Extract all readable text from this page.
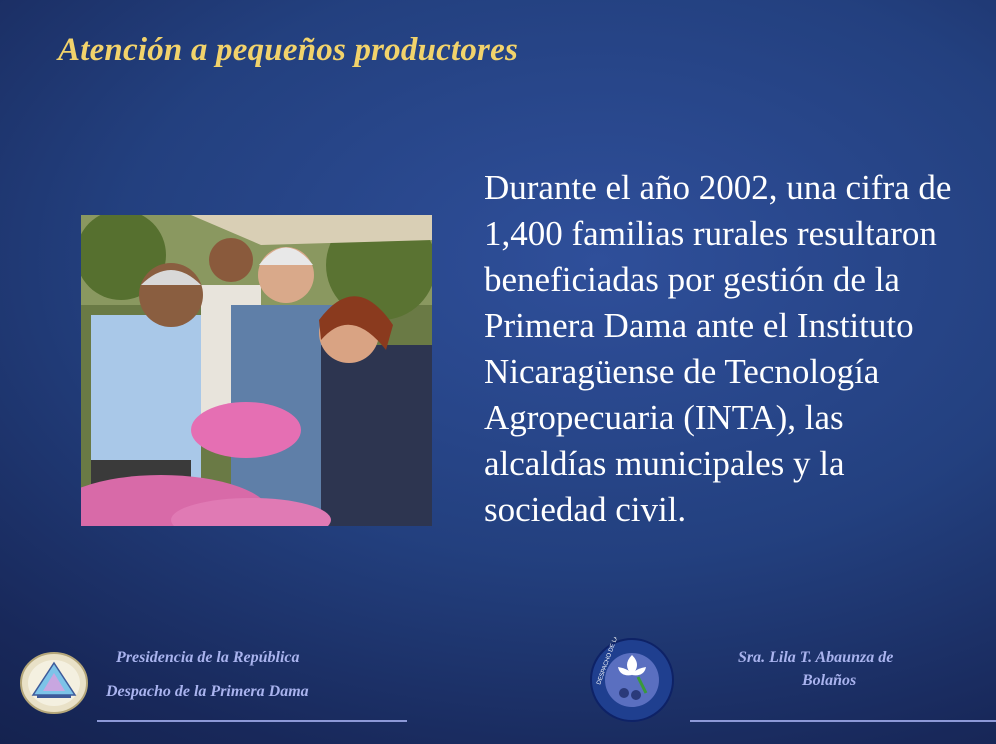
Atención a pequeños productores
Durante el año 2002, una cifra de 1,400 familias rurales resultaron beneficiadas por gestión de la Primera Dama ante el Instituto Nicaragüense de Tecnología Agropecuaria (INTA), las alcaldías municipales y la sociedad civil.
DESPACHO DE LA
Presidencia de la República
Despacho de la Primera Dama
Sra. Lila T. Abaunza de
Bolaños
